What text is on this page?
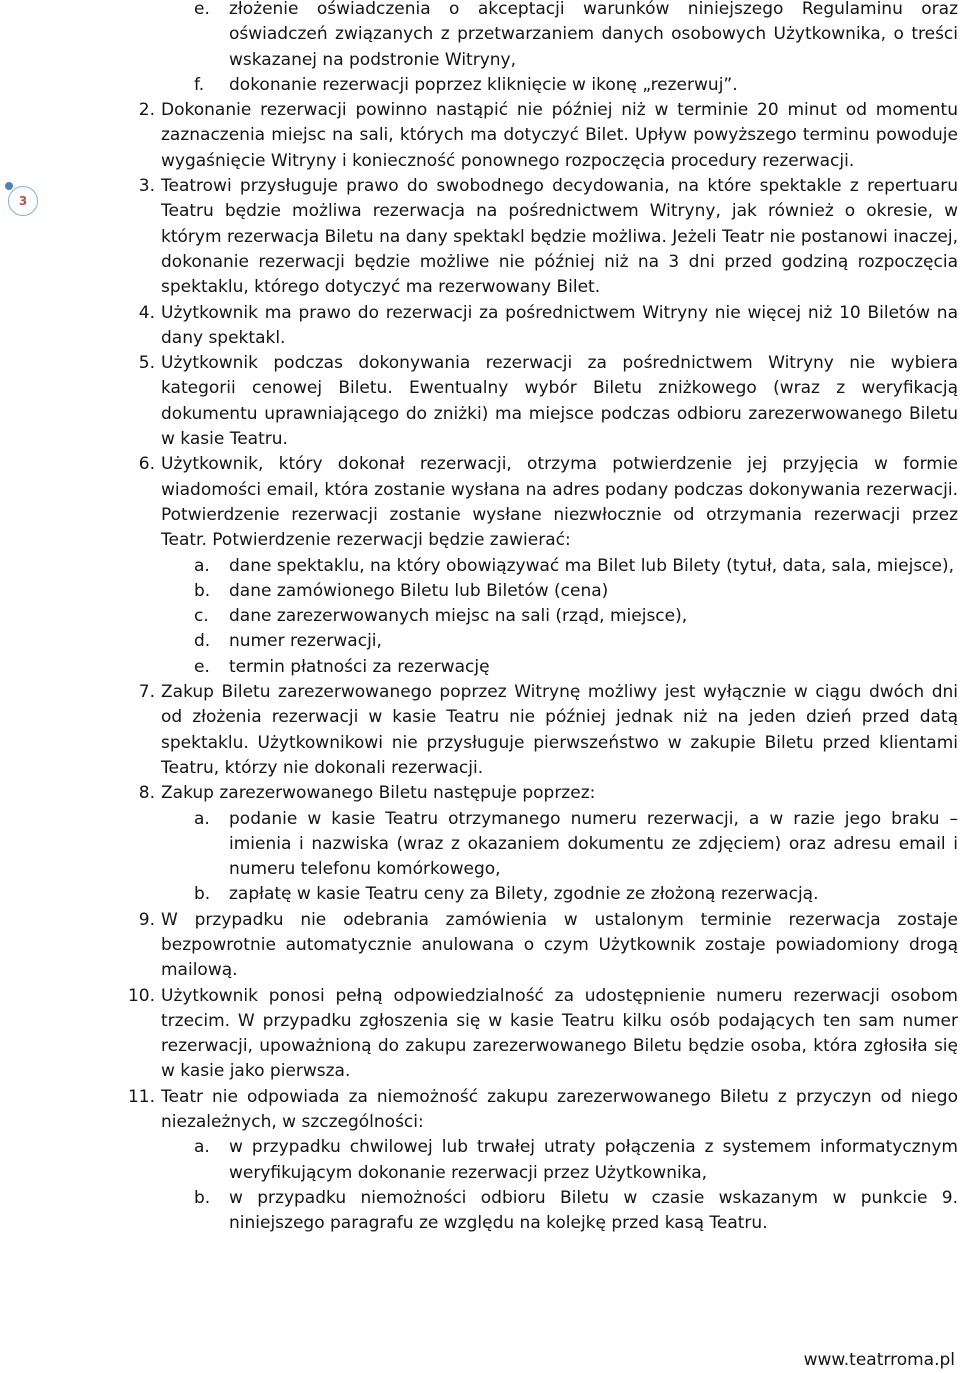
3
e. złożenie oświadczenia o akceptacji warunków niniejszego Regulaminu oraz oświadczeń związanych z przetwarzaniem danych osobowych Użytkownika, o treści wskazanej na podstronie Witryny,
f. dokonanie rezerwacji poprzez kliknięcie w ikonę „rezerwuj”.
2. Dokonanie rezerwacji powinno nastąpić nie później niż w terminie 20 minut od momentu zaznaczenia miejsc na sali, których ma dotyczyć Bilet. Upływ powyższego terminu powoduje wygaśnięcie Witryny i konieczność ponownego rozpoczęcia procedury rezerwacji.
3. Teatrowi przysługuje prawo do swobodnego decydowania, na które spektakle z repertuaru Teatru będzie możliwa rezerwacja na pośrednictwem Witryny, jak również o okresie, w którym rezerwacja Biletu na dany spektakl będzie możliwa. Jeżeli Teatr nie postanowi inaczej, dokonanie rezerwacji będzie możliwe nie później niż na 3 dni przed godziną rozpoczęcia spektaklu, którego dotyczyć ma rezerwowany Bilet.
4. Użytkownik ma prawo do rezerwacji za pośrednictwem Witryny nie więcej niż 10 Biletów na dany spektakl.
5. Użytkownik podczas dokonywania rezerwacji za pośrednictwem Witryny nie wybiera kategorii cenowej Biletu. Ewentualny wybór Biletu zniżkowego (wraz z weryfikacją dokumentu uprawniającego do zniżki) ma miejsce podczas odbioru zarezerwowanego Biletu w kasie Teatru.
6. Użytkownik, który dokonał rezerwacji, otrzyma potwierdzenie jej przyjęcia w formie wiadomości email, która zostanie wysłana na adres podany podczas dokonywania rezerwacji. Potwierdzenie rezerwacji zostanie wysłane niezwłocznie od otrzymania rezerwacji przez Teatr. Potwierdzenie rezerwacji będzie zawierać:
a. dane spektaklu, na który obowiązywać ma Bilet lub Bilety (tytuł, data, sala, miejsce),
b. dane zamówionego Biletu lub Biletów (cena)
c. dane zarezerwowanych miejsc na sali (rząd, miejsce),
d. numer rezerwacji,
e. termin płatności za rezerwację
7. Zakup Biletu zarezerwowanego poprzez Witrynę możliwy jest wyłącznie w ciągu dwóch dni od złożenia rezerwacji w kasie Teatru nie później jednak niż na jeden dzień przed datą spektaklu. Użytkownikowi nie przysługuje pierwszeństwo w zakupie Biletu przed klientami Teatru, którzy nie dokonali rezerwacji.
8. Zakup zarezerwowanego Biletu następuje poprzez:
a. podanie w kasie Teatru otrzymanego numeru rezerwacji, a w razie jego braku – imienia i nazwiska (wraz z okazaniem dokumentu ze zdjęciem) oraz adresu email i numeru telefonu komórkowego,
b. zapłatę w kasie Teatru ceny za Bilety, zgodnie ze złożoną rezerwacją.
9. W przypadku nie odebrania zamówienia w ustalonym terminie rezerwacja zostaje bezpowrotnie automatycznie anulowana o czym Użytkownik zostaje powiadomiony drogą mailową.
10. Użytkownik ponosi pełną odpowiedzialność za udostępnienie numeru rezerwacji osobom trzecim. W przypadku zgłoszenia się w kasie Teatru kilku osób podających ten sam numer rezerwacji, upoważnioną do zakupu zarezerwowanego Biletu będzie osoba, która zgłosiła się w kasie jako pierwsza.
11. Teatr nie odpowiada za niemożność zakupu zarezerwowanego Biletu z przyczyn od niego niezależnych, w szczególności:
a. w przypadku chwilowej lub trwałej utraty połączenia z systemem informatycznym weryfikującym dokonanie rezerwacji przez Użytkownika,
b. w przypadku niemożności odbioru Biletu w czasie wskazanym w punkcie 9. niniejszego paragrafu ze względu na kolejkę przed kasą Teatru.
www.teatrroma.pl
